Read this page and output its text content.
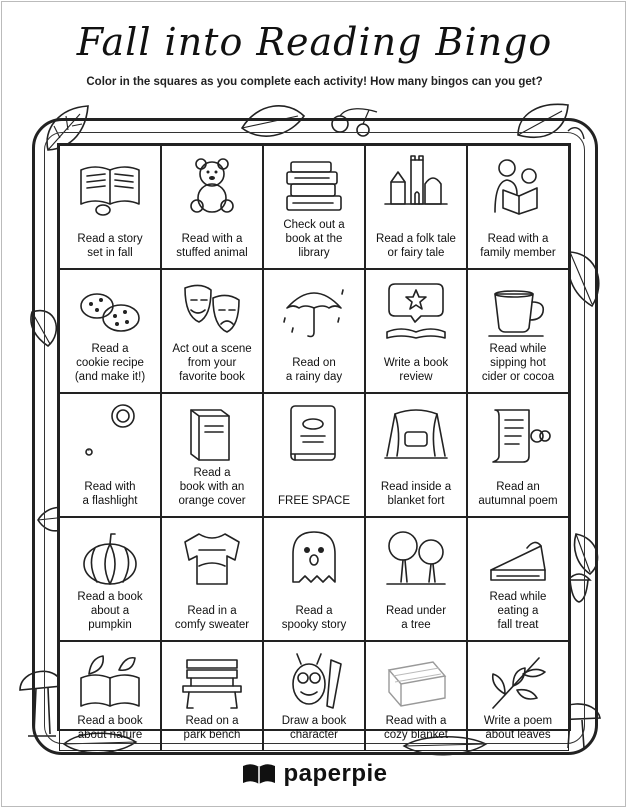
Fall into Reading Bingo
Color in the squares as you complete each activity! How many bingos can you get?
Read a story
set in fall
Read with a
stuffed animal
Check out a
book at the
library
Read a folk tale
or fairy tale
Read with a
family member
Read a
cookie recipe
(and make it!)
Act out a scene
from your
favorite book
Read on
a rainy day
Write a book
review
Read while
sipping hot
cider or cocoa
Read with
a flashlight
Read a
book with an
orange cover	FREE SPACE
Read inside a
blanket fort
Read an
autumnal poem
Read a book
about a
pumpkin
Read in a
comfy sweater
Read a
spooky story
Read under
a tree
Read while
eating a
fall treat
Read a book
about nature
Read on a
park bench
Draw a book
character
Read with a
cozy blanket
Write a poem
about leaves
paperpie
